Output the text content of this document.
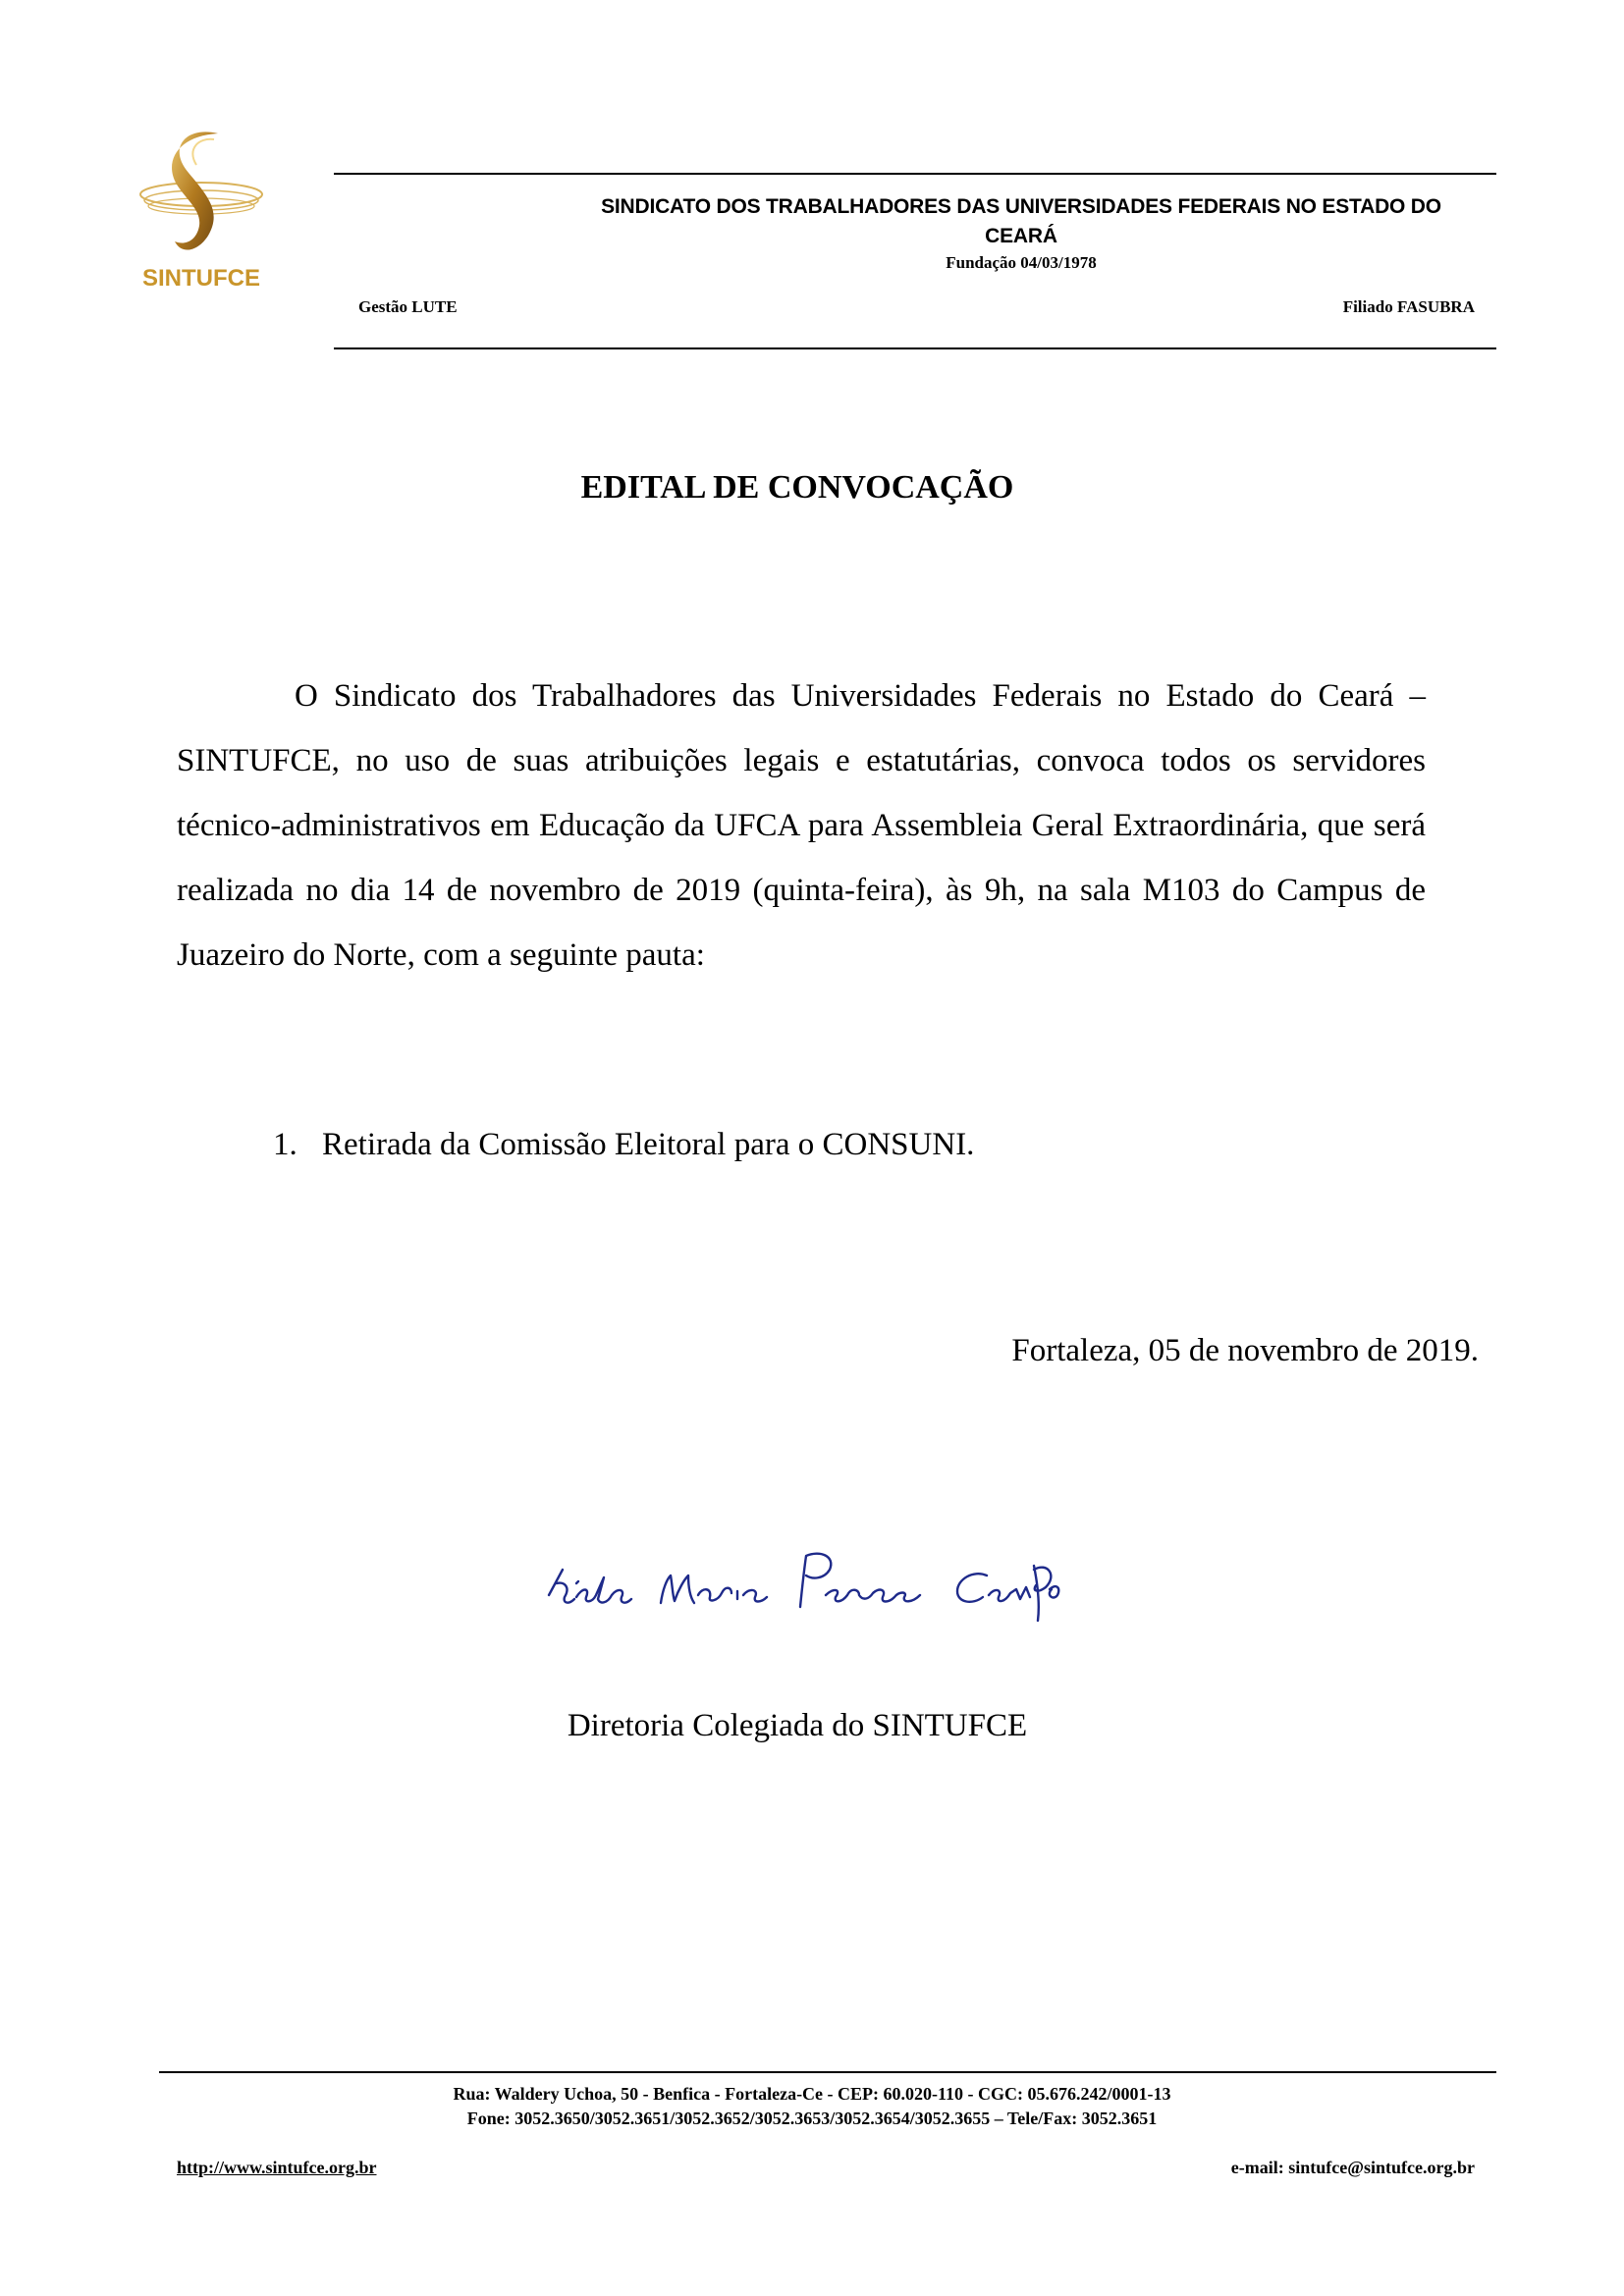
SINTUFCE
SINDICATO DOS TRABALHADORES DAS UNIVERSIDADES FEDERAIS NO ESTADO DO
CEARÁ
Fundação 04/03/1978
Gestão LUTE	Filiado FASUBRA
EDITAL DE CONVOCAÇÃO
O Sindicato dos Trabalhadores das Universidades Federais no Estado do Ceará – SINTUFCE, no uso de suas atribuições legais e estatutárias, convoca todos os servidores técnico-administrativos em Educação da UFCA para Assembleia Geral Extraordinária, que será realizada no dia 14 de novembro de 2019 (quinta-feira), às 9h, na sala M103 do Campus de Juazeiro do Norte, com a seguinte pauta:
1. Retirada da Comissão Eleitoral para o CONSUNI.
Fortaleza, 05 de novembro de 2019.
Diretoria Colegiada do SINTUFCE
Rua: Waldery Uchoa, 50 - Benfica - Fortaleza-Ce - CEP: 60.020-110 - CGC: 05.676.242/0001-13
Fone: 3052.3650/3052.3651/3052.3652/3052.3653/3052.3654/3052.3655 – Tele/Fax: 3052.3651
http://www.sintufce.org.br	e-mail: sintufce@sintufce.org.br
